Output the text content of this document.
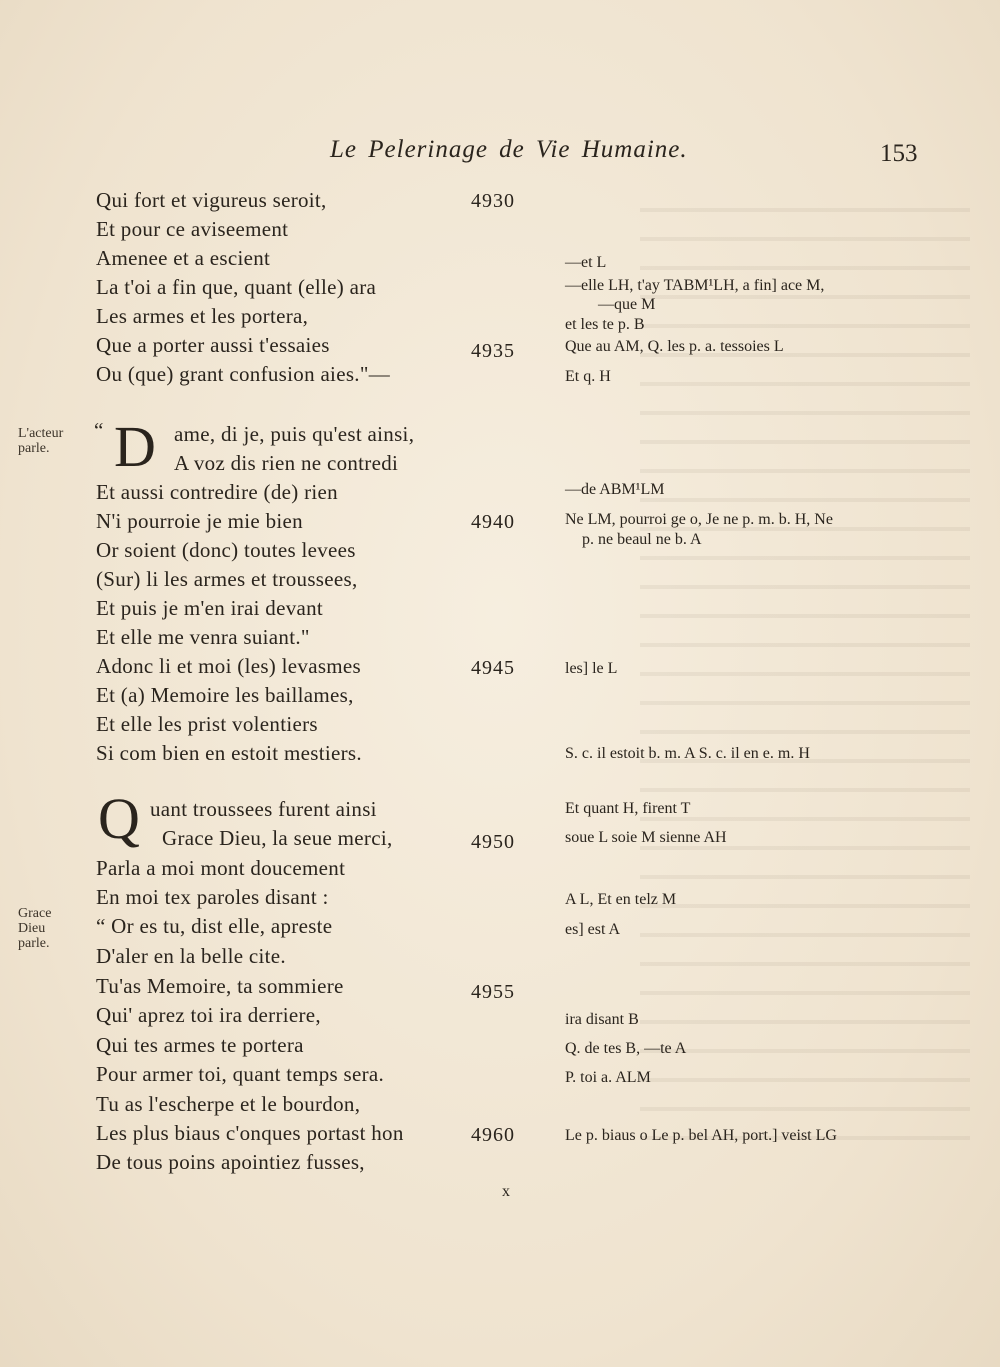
Le Pelerinage de Vie Humaine.	153
L'acteur parle.
Grace Dieu parle.
Qui fort et vigureus seroit,
Et pour ce aviseement
Amenee et a escient
La t'oi a fin que, quant (elle) ara
Les armes et les portera,
Que a porter aussi t'essaies
Ou (que) grant confusion aies."—
“ D ame, di je, puis qu'est ainsi,
A voz dis rien ne contredi
Et aussi contredire (de) rien
N'i pourroie je mie bien
Or soient (donc) toutes levees
(Sur) li les armes et troussees,
Et puis je m'en irai devant
Et elle me venra suiant."
Adonc li et moi (les) levasmes
Et (a) Memoire les baillames,
Et elle les prist volentiers
Si com bien en estoit mestiers.
Q uant troussees furent ainsi
Grace Dieu, la seue merci,
Parla a moi mont doucement
En moi tex paroles disant :
“ Or es tu, dist elle, apreste
D'aler en la belle cite.
Tu'as Memoire, ta sommiere
Qui' aprez toi ira derriere,
Qui tes armes te portera
Pour armer toi, quant temps sera.
Tu as l'escherpe et le bourdon,
Les plus biaus c'onques portast hon
De tous poins apointiez fusses,
4930
4935
4940
4945
4950
4955
4960
—et L
—elle LH, t'ay TABM¹LH, a fin] ace M,
—que M
et les te p. B
Que au AM, Q. les p. a. tessoies L
Et q. H
—de ABM¹LM
Ne LM, pourroi ge o, Je ne p. m. b. H, Ne
p. ne beaul ne b. A
les] le L
S. c. il estoit b. m. A S. c. il en e. m. H
Et quant H, firent T
soue L soie M sienne AH
A L, Et en telz M
es] est A
ira disant B
Q. de tes B, —te A
P. toi a. ALM
Le p. biaus o Le p. bel AH, port.] veist LG
x
